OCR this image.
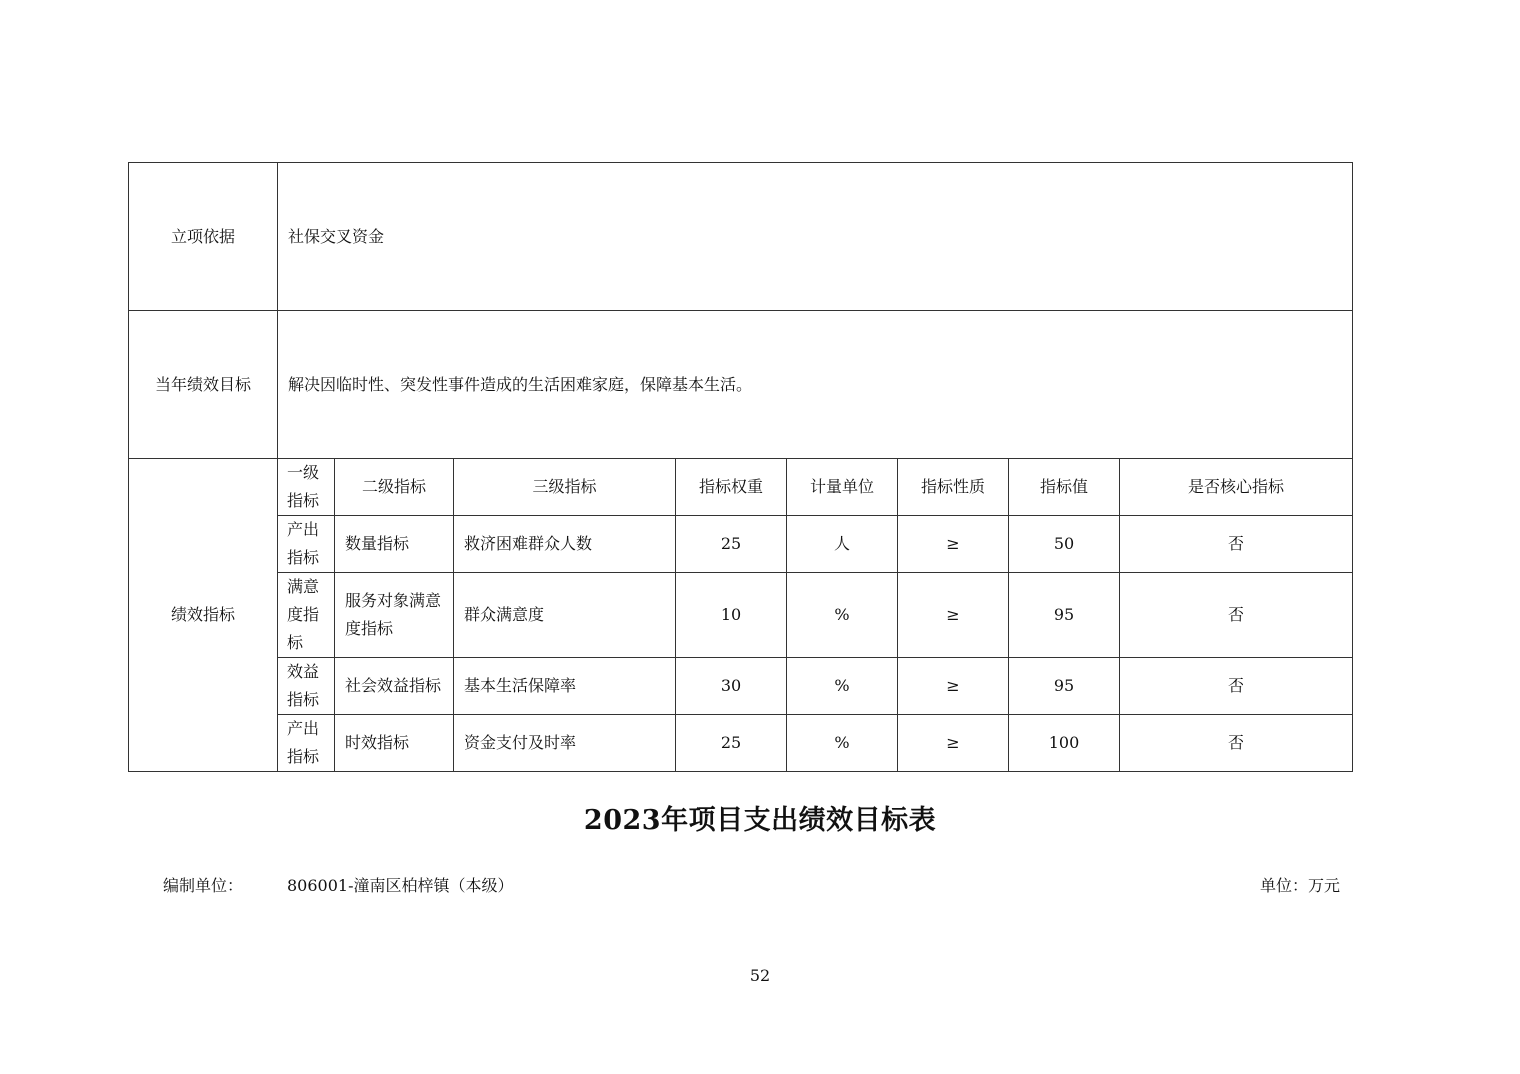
立项依据	社保交叉资金							
当年绩效目标	解决因临时性、突发性事件造成的生活困难家庭，保障基本生活。							
绩效指标	一级指标	二级指标	三级指标	指标权重	计量单位	指标性质	指标值	是否核心指标
	产出指标	数量指标	救济困难群众人数	25	人	≥	50	否
	满意度指标	服务对象满意度指标	群众满意度	10	%	≥	95	否
	效益指标	社会效益指标	基本生活保障率	30	%	≥	95	否
	产出指标	时效指标	资金支付及时率	25	%	≥	100	否
2023年项目支出绩效目标表
编制单位：	806001-潼南区柏梓镇（本级）	单位：万元
52
